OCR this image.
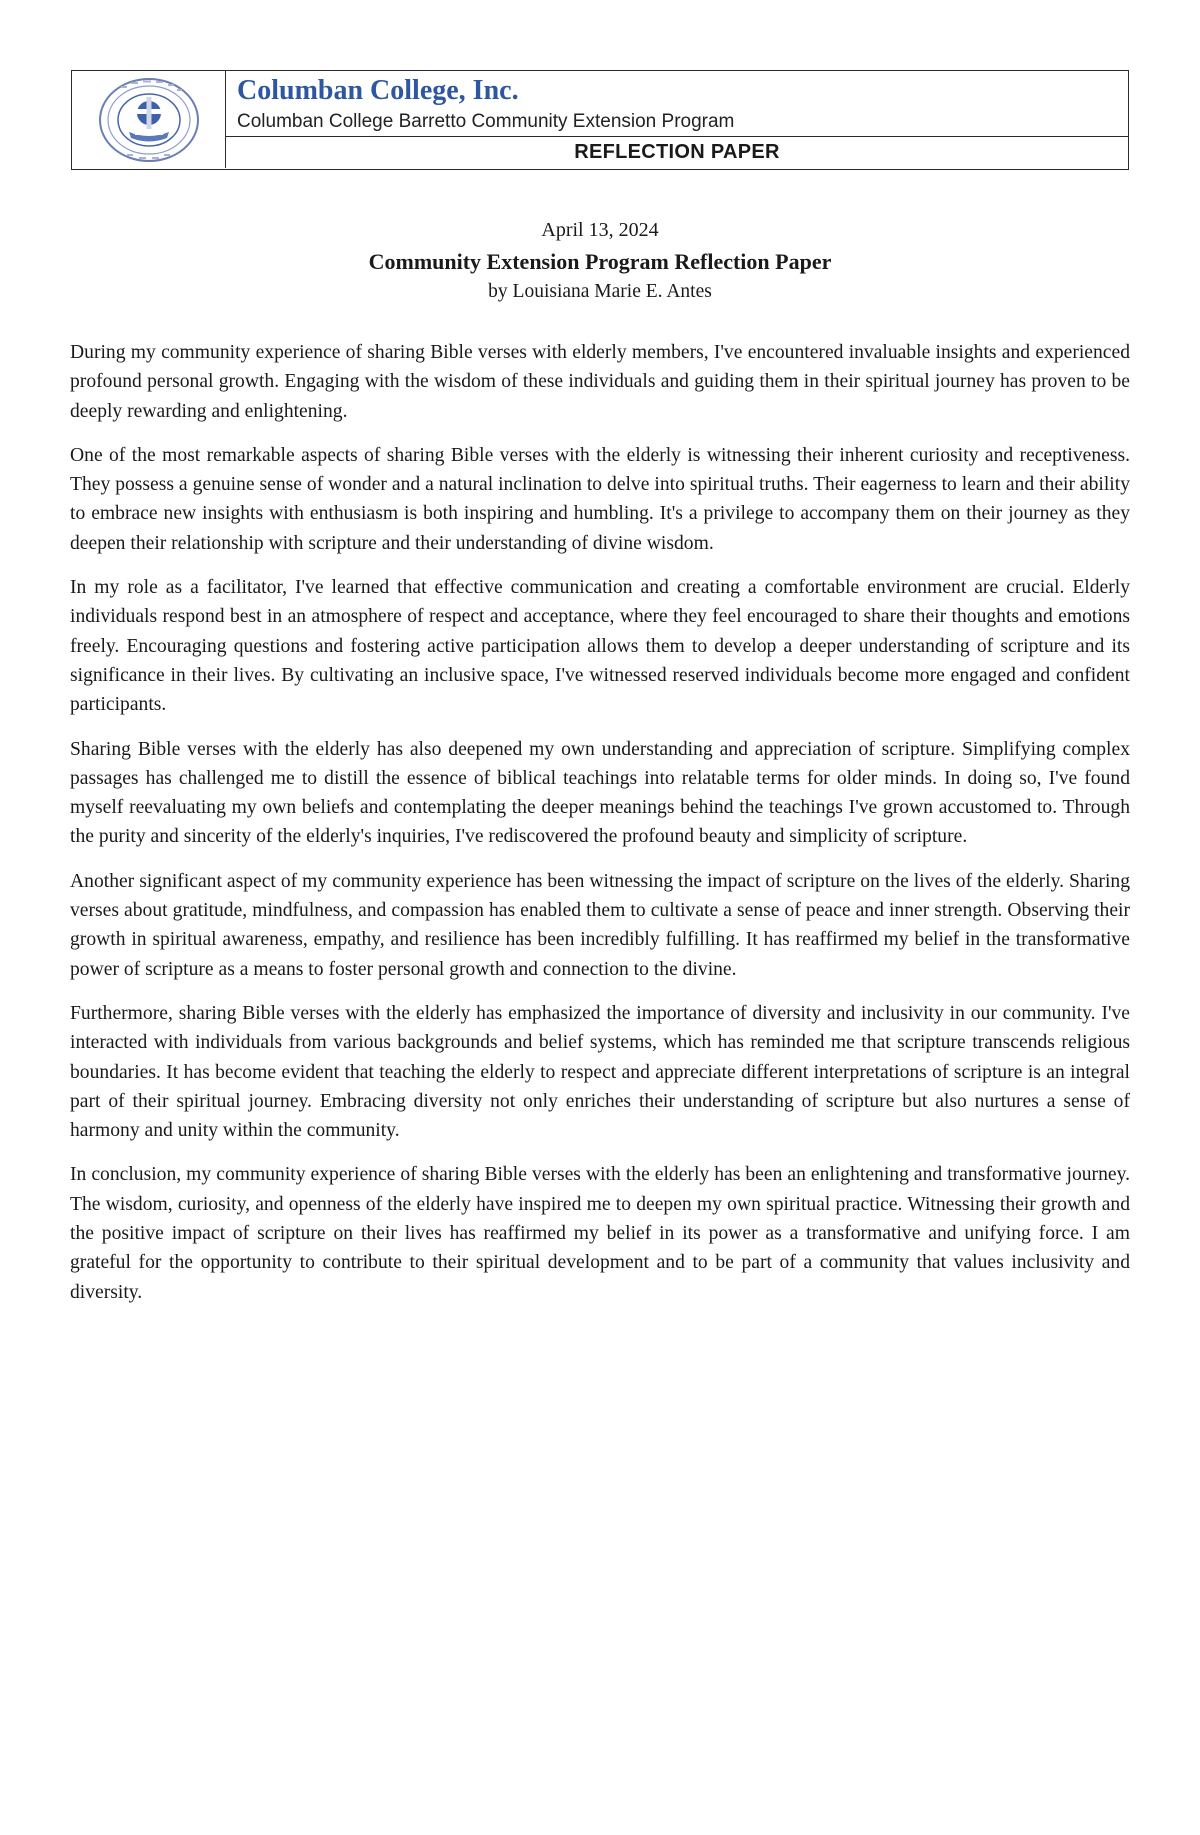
Columban College, Inc.
Columban College Barretto Community Extension Program
REFLECTION PAPER
April 13, 2024
Community Extension Program Reflection Paper
by Louisiana Marie E. Antes

During my community experience of sharing Bible verses with elderly members, I've encountered invaluable insights and experienced profound personal growth. Engaging with the wisdom of these individuals and guiding them in their spiritual journey has proven to be deeply rewarding and enlightening.

One of the most remarkable aspects of sharing Bible verses with the elderly is witnessing their inherent curiosity and receptiveness. They possess a genuine sense of wonder and a natural inclination to delve into spiritual truths. Their eagerness to learn and their ability to embrace new insights with enthusiasm is both inspiring and humbling. It's a privilege to accompany them on their journey as they deepen their relationship with scripture and their understanding of divine wisdom.

In my role as a facilitator, I've learned that effective communication and creating a comfortable environment are crucial. Elderly individuals respond best in an atmosphere of respect and acceptance, where they feel encouraged to share their thoughts and emotions freely. Encouraging questions and fostering active participation allows them to develop a deeper understanding of scripture and its significance in their lives. By cultivating an inclusive space, I've witnessed reserved individuals become more engaged and confident participants.

Sharing Bible verses with the elderly has also deepened my own understanding and appreciation of scripture. Simplifying complex passages has challenged me to distill the essence of biblical teachings into relatable terms for older minds. In doing so, I've found myself reevaluating my own beliefs and contemplating the deeper meanings behind the teachings I've grown accustomed to. Through the purity and sincerity of the elderly's inquiries, I've rediscovered the profound beauty and simplicity of scripture.

Another significant aspect of my community experience has been witnessing the impact of scripture on the lives of the elderly. Sharing verses about gratitude, mindfulness, and compassion has enabled them to cultivate a sense of peace and inner strength. Observing their growth in spiritual awareness, empathy, and resilience has been incredibly fulfilling. It has reaffirmed my belief in the transformative power of scripture as a means to foster personal growth and connection to the divine.

Furthermore, sharing Bible verses with the elderly has emphasized the importance of diversity and inclusivity in our community. I've interacted with individuals from various backgrounds and belief systems, which has reminded me that scripture transcends religious boundaries. It has become evident that teaching the elderly to respect and appreciate different interpretations of scripture is an integral part of their spiritual journey. Embracing diversity not only enriches their understanding of scripture but also nurtures a sense of harmony and unity within the community.

In conclusion, my community experience of sharing Bible verses with the elderly has been an enlightening and transformative journey. The wisdom, curiosity, and openness of the elderly have inspired me to deepen my own spiritual practice. Witnessing their growth and the positive impact of scripture on their lives has reaffirmed my belief in its power as a transformative and unifying force. I am grateful for the opportunity to contribute to their spiritual development and to be part of a community that values inclusivity and diversity.
